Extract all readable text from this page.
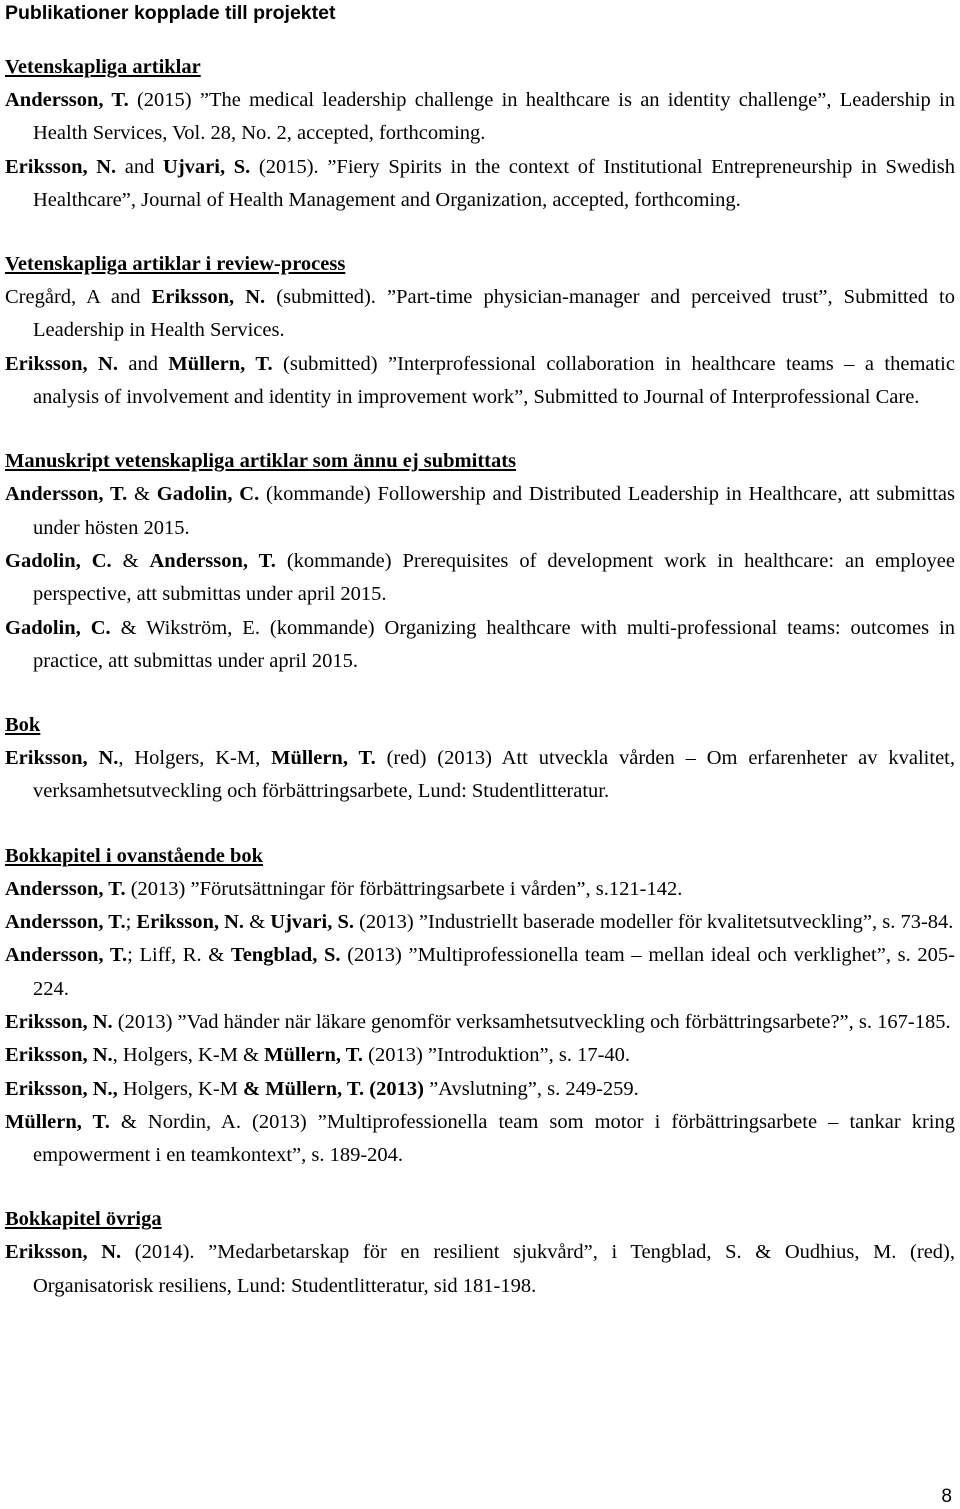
Publikationer kopplade till projektet
Vetenskapliga artiklar

Andersson, T. (2015) ”The medical leadership challenge in healthcare is an identity challenge”, Leadership in Health Services, Vol. 28, No. 2, accepted, forthcoming.

Eriksson, N. and Ujvari, S. (2015). ”Fiery Spirits in the context of Institutional Entrepreneurship in Swedish Healthcare”, Journal of Health Management and Organization, accepted, forthcoming.

Vetenskapliga artiklar i review-process

Cregård, A and Eriksson, N. (submitted). ”Part-time physician-manager and perceived trust”, Submitted to Leadership in Health Services.

Eriksson, N. and Müllern, T. (submitted) ”Interprofessional collaboration in healthcare teams – a thematic analysis of involvement and identity in improvement work”, Submitted to Journal of Interprofessional Care.

Manuskript vetenskapliga artiklar som ännu ej submittats

Andersson, T. & Gadolin, C. (kommande) Followership and Distributed Leadership in Healthcare, att submittas under hösten 2015.

Gadolin, C. & Andersson, T. (kommande) Prerequisites of development work in healthcare: an employee perspective, att submittas under april 2015.

Gadolin, C. & Wikström, E. (kommande) Organizing healthcare with multi-professional teams: outcomes in practice, att submittas under april 2015.

Bok

Eriksson, N., Holgers, K-M, Müllern, T. (red) (2013) Att utveckla vården – Om erfarenheter av kvalitet, verksamhetsutveckling och förbättringsarbete, Lund: Studentlitteratur.

Bokkapitel i ovanstående bok

Andersson, T. (2013) ”Förutsättningar för förbättringsarbete i vården”, s.121-142.

Andersson, T.; Eriksson, N. & Ujvari, S. (2013) ”Industriellt baserade modeller för kvalitetsutveckling”, s. 73-84.

Andersson, T.; Liff, R. & Tengblad, S. (2013) ”Multiprofessionella team – mellan ideal och verklighet”, s. 205-224.

Eriksson, N. (2013) ”Vad händer när läkare genomför verksamhetsutveckling och förbättringsarbete?”, s. 167-185.

Eriksson, N., Holgers, K-M & Müllern, T. (2013) ”Introduktion”, s. 17-40.

Eriksson, N., Holgers, K-M & Müllern, T. (2013) ”Avslutning”, s. 249-259.

Müllern, T. & Nordin, A. (2013) ”Multiprofessionella team som motor i förbättringsarbete – tankar kring empowerment i en teamkontext”, s. 189-204.

Bokkapitel övriga

Eriksson, N. (2014). ”Medarbetarskap för en resilient sjukvård”, i Tengblad, S. & Oudhius, M. (red), Organisatorisk resiliens, Lund: Studentlitteratur, sid 181-198.

8
